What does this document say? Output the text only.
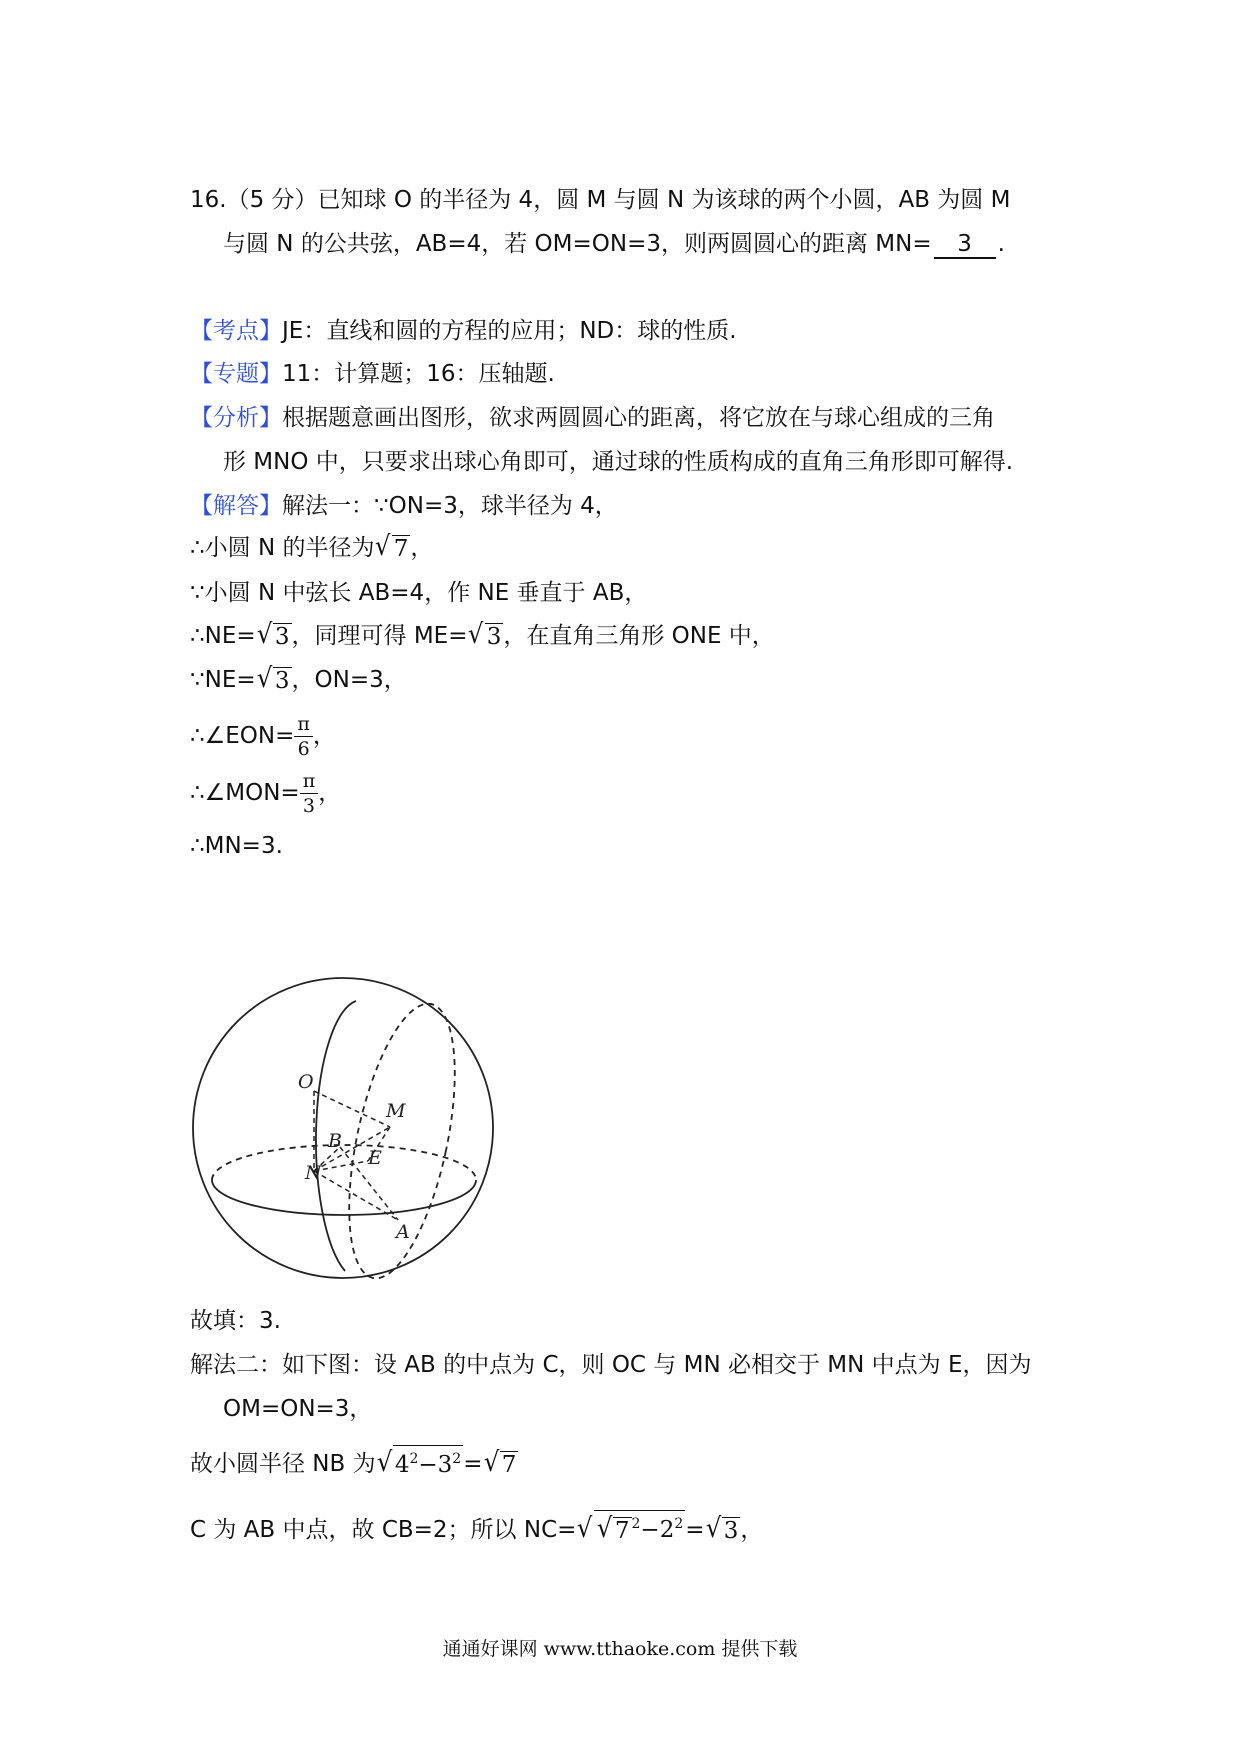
16.（5 分）已知球 O 的半径为 4，圆 M 与圆 N 为该球的两个小圆，AB 为圆 M
与圆 N 的公共弦，AB=4，若 OM=ON=3，则两圆圆心的距离 MN= 3 .
【考点】JE：直线和圆的方程的应用；ND：球的性质.
【专题】11：计算题；16：压轴题.
【分析】根据题意画出图形，欲求两圆圆心的距离，将它放在与球心组成的三角
形 MNO 中，只要求出球心角即可，通过球的性质构成的直角三角形即可解得.
【解答】解法一：∵ON=3，球半径为 4，
∴小圆 N 的半径为 √ 7 ，
∵小圆 N 中弦长 AB=4，作 NE 垂直于 AB，
∴NE= √ 3 ，同理可得 ME= √ 3 ，在直角三角形 ONE 中，
∵NE= √ 3 ，ON=3，
∴∠EON= $\frac{\pi}{6}$ ，
∴∠MON= $\frac{\pi}{3}$ ，
∴MN=3.
O
M
B
E
N
A
故填：3.
解法二：如下图：设 AB 的中点为 C，则 OC 与 MN 必相交于 MN 中点为 E，因为
OM=ON=3，
故小圆半径 NB 为 √ $4^2-3^2$ = √ 7
C 为 AB 中点，故 CB=2；所以 NC= √ √ 7 $^2-2^2$ = √ 3 ，
通通好课网 www.tthaoke.com 提供下载
